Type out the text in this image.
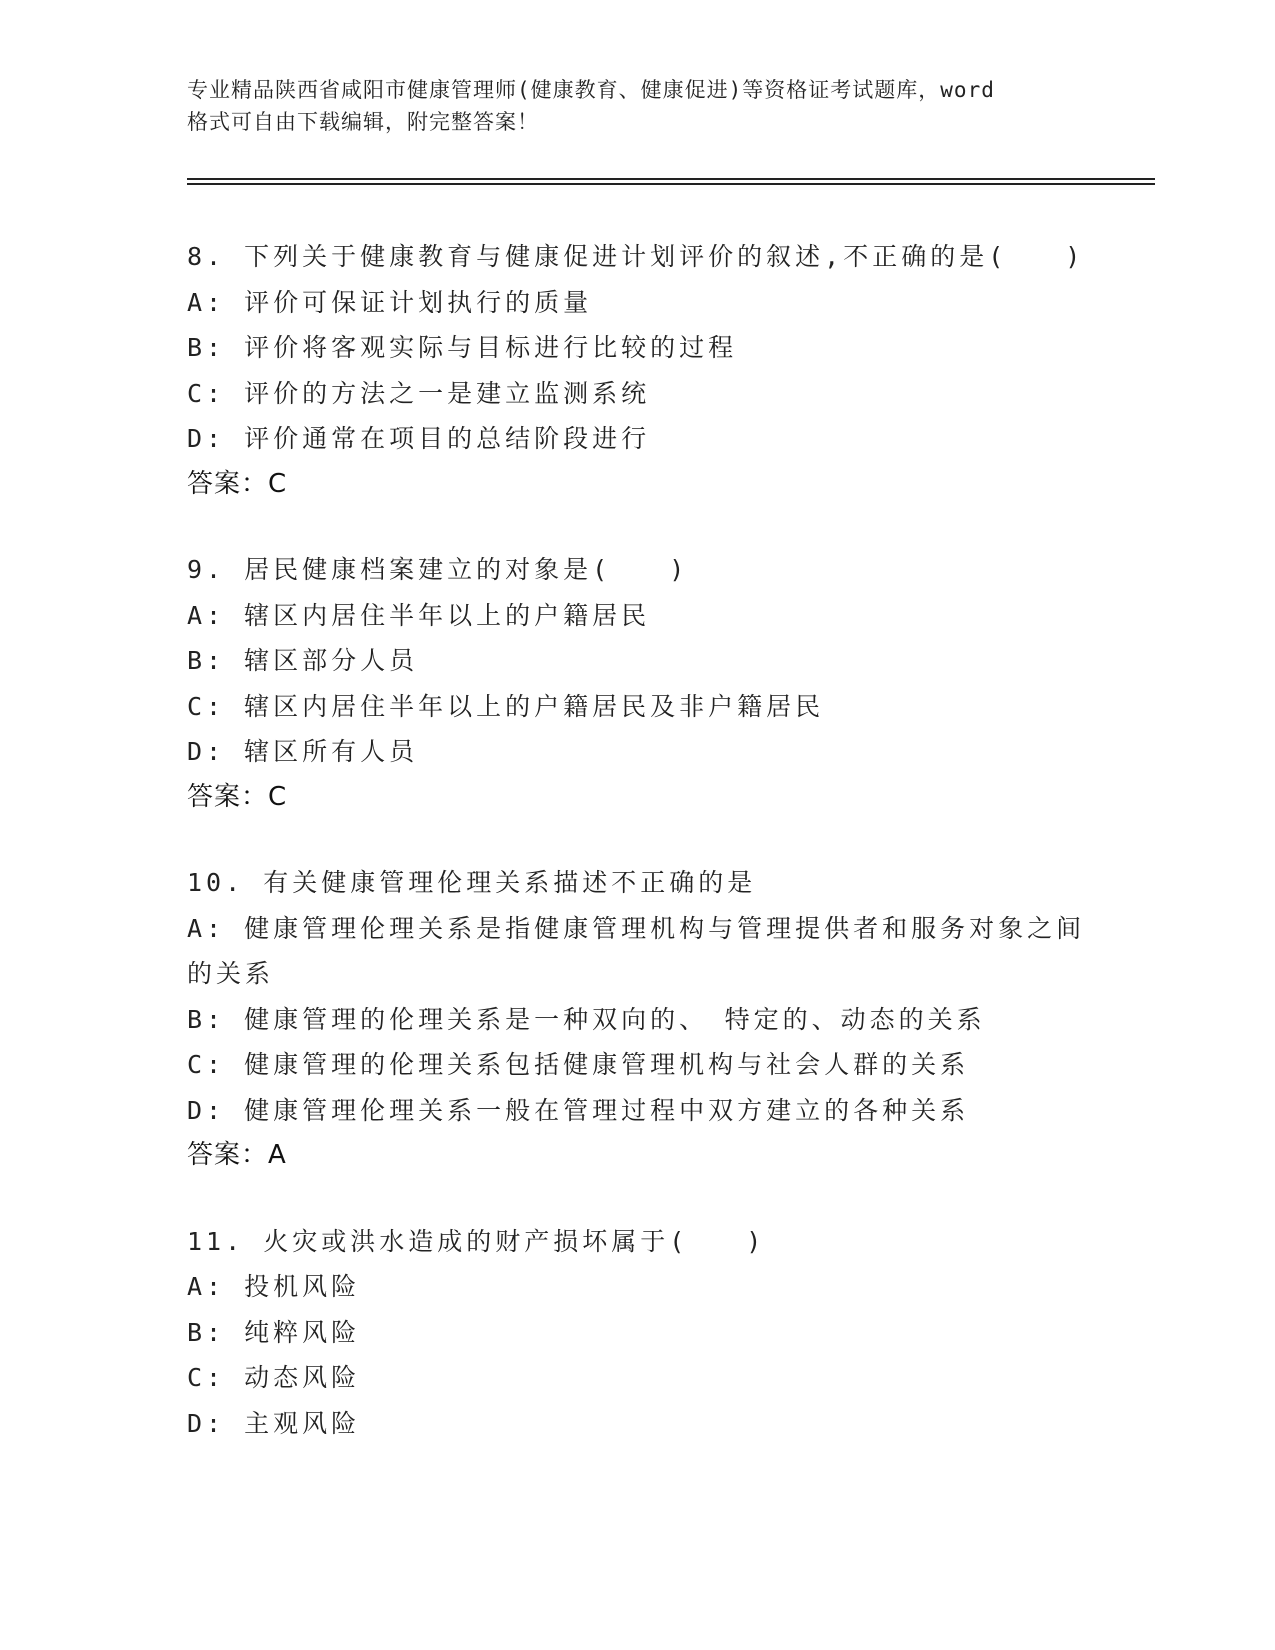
专业精品陕西省咸阳市健康管理师(健康教育、健康促进)等资格证考试题库，word
格式可自由下载编辑，附完整答案！
8. 下列关于健康教育与健康促进计划评价的叙述,不正确的是(　　)
A: 评价可保证计划执行的质量
B: 评价将客观实际与目标进行比较的过程
C: 评价的方法之一是建立监测系统
D: 评价通常在项目的总结阶段进行
答案：C
9. 居民健康档案建立的对象是(　　)
A: 辖区内居住半年以上的户籍居民
B: 辖区部分人员
C: 辖区内居住半年以上的户籍居民及非户籍居民
D: 辖区所有人员
答案：C
10. 有关健康管理伦理关系描述不正确的是
A: 健康管理伦理关系是指健康管理机构与管理提供者和服务对象之间的关系
B: 健康管理的伦理关系是一种双向的、　特定的、动态的关系
C: 健康管理的伦理关系包括健康管理机构与社会人群的关系
D: 健康管理伦理关系一般在管理过程中双方建立的各种关系
答案：A
11. 火灾或洪水造成的财产损坏属于(　　)
A: 投机风险
B: 纯粹风险
C: 动态风险
D: 主观风险
